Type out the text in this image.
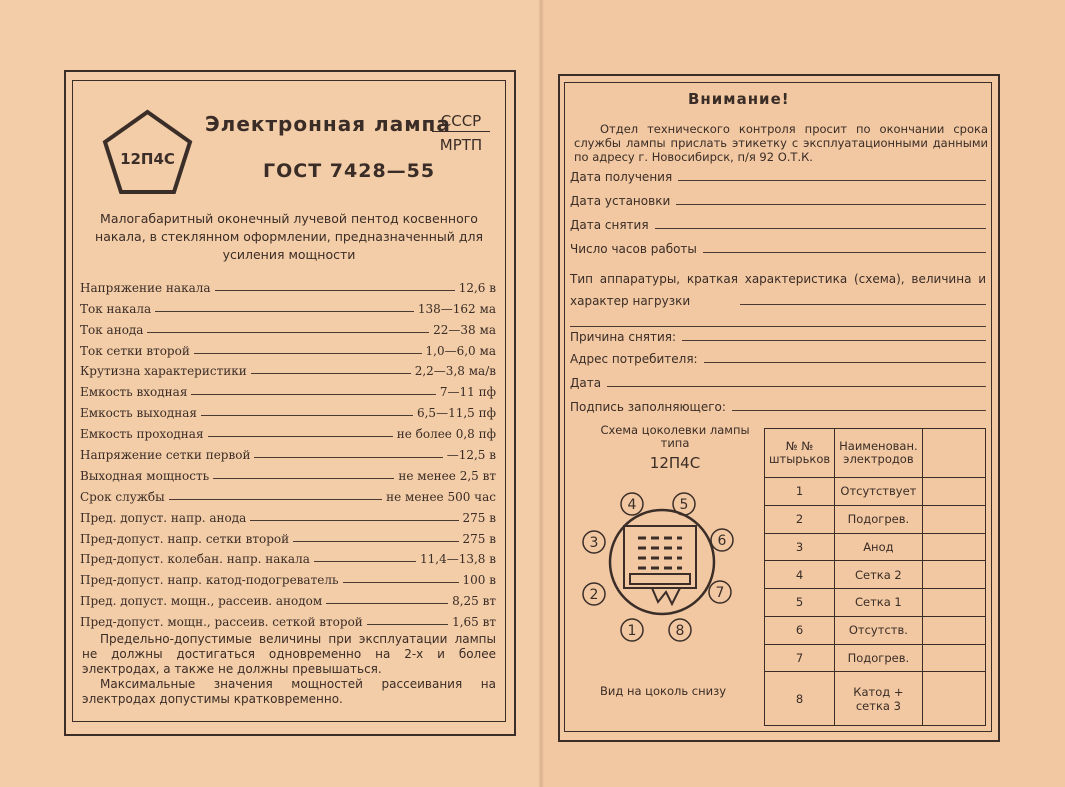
12П4С
Электронная лампа
СССР
МРТП
ГОСТ 7428—55
Малогабаритный оконечный лучевой пентод косвенного накала, в стеклянном оформлении, предназначенный для усиления мощности
Напряжение накала	12,6 в
Ток накала	138—162 ма
Ток анода	22—38 ма
Ток сетки второй	1,0—6,0 ма
Крутизна характеристики	2,2—3,8 ма/в
Емкость входная	7—11 пф
Емкость выходная	6,5—11,5 пф
Емкость проходная	не более 0,8 пф
Напряжение сетки первой	—12,5 в
Выходная мощность	не менее 2,5 вт
Срок службы	не менее 500 час
Пред. допуст. напр. анода	275 в
Пред-допуст. напр. сетки второй	275 в
Пред-допуст. колебан. напр. накала	11,4—13,8 в
Пред-допуст. напр. катод-подогреватель	100 в
Пред. допуст. мощн., рассеив. анодом	8,25 вт
Пред-допуст. мощн., рассеив. сеткой второй	1,65 вт

Предельно-допустимые величины при эксплуатации лампы не должны достигаться одновременно на 2-х и более электродах, а также не должны превышаться.

Максимальные значения мощностей рассеивания на электродах допустимы кратковременно.

Внимание!

Отдел технического контроля просит по окончании срока службы лампы прислать этикетку с эксплуатационными данными по адресу г. Новосибирск, п/я 92 О.Т.К.

Дата получения
Дата установки
Дата снятия
Число часов работы
Тип аппаратуры, краткая характеристика (схема), величина и характер нагрузки
Причина снятия:
Адрес потребителя:
Дата
Подпись заполняющего:
Схема цоколевки лампы типа
12П4С
4	5
3	6
2	7
1	8
Вид на цоколь снизу
№ № штырьков	Наименован. электродов	
1	Отсутствует	
2	Подогрев.	
3	Анод	
4	Сетка 2	
5	Сетка 1	
6	Отсутств.	
7	Подогрев.	
8	Катод + сетка 3	
